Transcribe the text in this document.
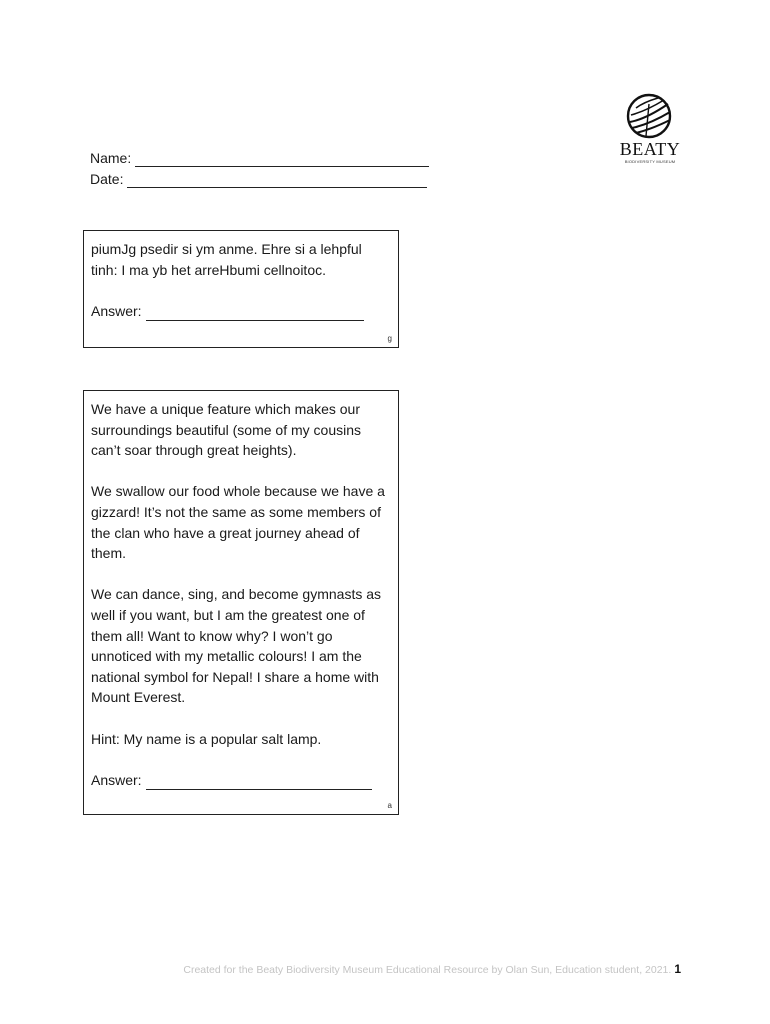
BEATY
BIODIVERSITY MUSEUM
Name:
Date:

piumJg psedir si ym anme. Ehre si a lehpful tinh: I ma yb het arreHbumi cellnoitoc.

Answer:
g

We have a unique feature which makes our surroundings beautiful (some of my cousins can’t soar through great heights).

We swallow our food whole because we have a gizzard! It’s not the same as some members of the clan who have a great journey ahead of them.

We can dance, sing, and become gymnasts as well if you want, but I am the greatest one of them all! Want to know why? I won’t go unnoticed with my metallic colours! I am the national symbol for Nepal! I share a home with Mount Everest.

Hint: My name is a popular salt lamp.

Answer:
a
Created for the Beaty Biodiversity Museum Educational Resource by Olan Sun, Education student, 2021. 1
